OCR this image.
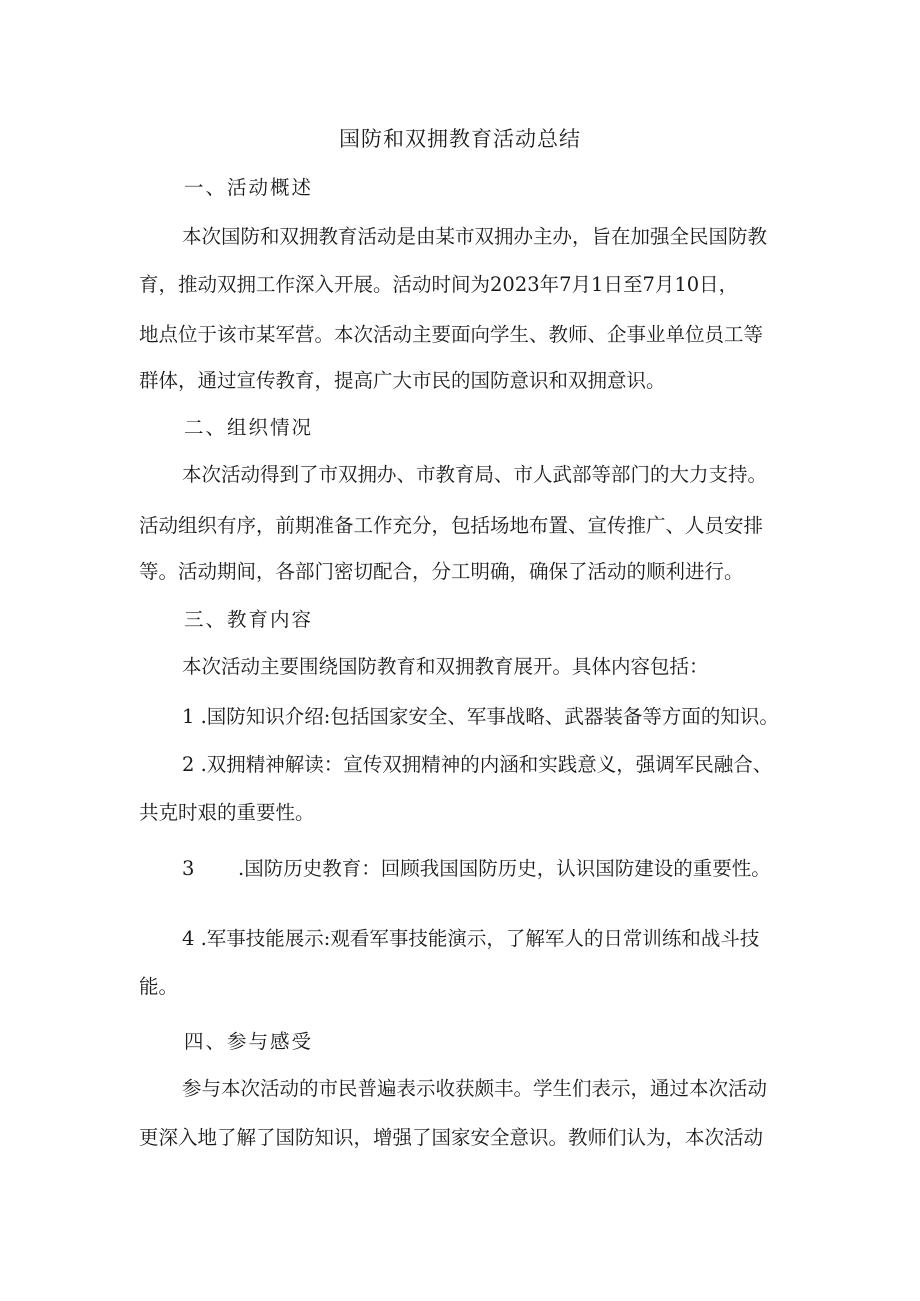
国防和双拥教育活动总结
一、活动概述
本次国防和双拥教育活动是由某市双拥办主办，旨在加强全民国防教
育，推动双拥工作深入开展。活动时间为2023年7月1日至7月10日，
地点位于该市某军营。本次活动主要面向学生、教师、企事业单位员工等
群体，通过宣传教育，提高广大市民的国防意识和双拥意识。
二、组织情况
本次活动得到了市双拥办、市教育局、市人武部等部门的大力支持。
活动组织有序，前期准备工作充分，包括场地布置、宣传推广、人员安排
等。活动期间，各部门密切配合，分工明确，确保了活动的顺利进行。
三、教育内容
本次活动主要围绕国防教育和双拥教育展开。具体内容包括：
1 .国防知识介绍:包括国家安全、军事战略、武器装备等方面的知识。
2 .双拥精神解读：宣传双拥精神的内涵和实践意义，强调军民融合、
共克时艰的重要性。
3 .国防历史教育：回顾我国国防历史，认识国防建设的重要性。
4 .军事技能展示:观看军事技能演示，了解军人的日常训练和战斗技
能。
四、参与感受
参与本次活动的市民普遍表示收获颇丰。学生们表示，通过本次活动
更深入地了解了国防知识，增强了国家安全意识。教师们认为，本次活动
